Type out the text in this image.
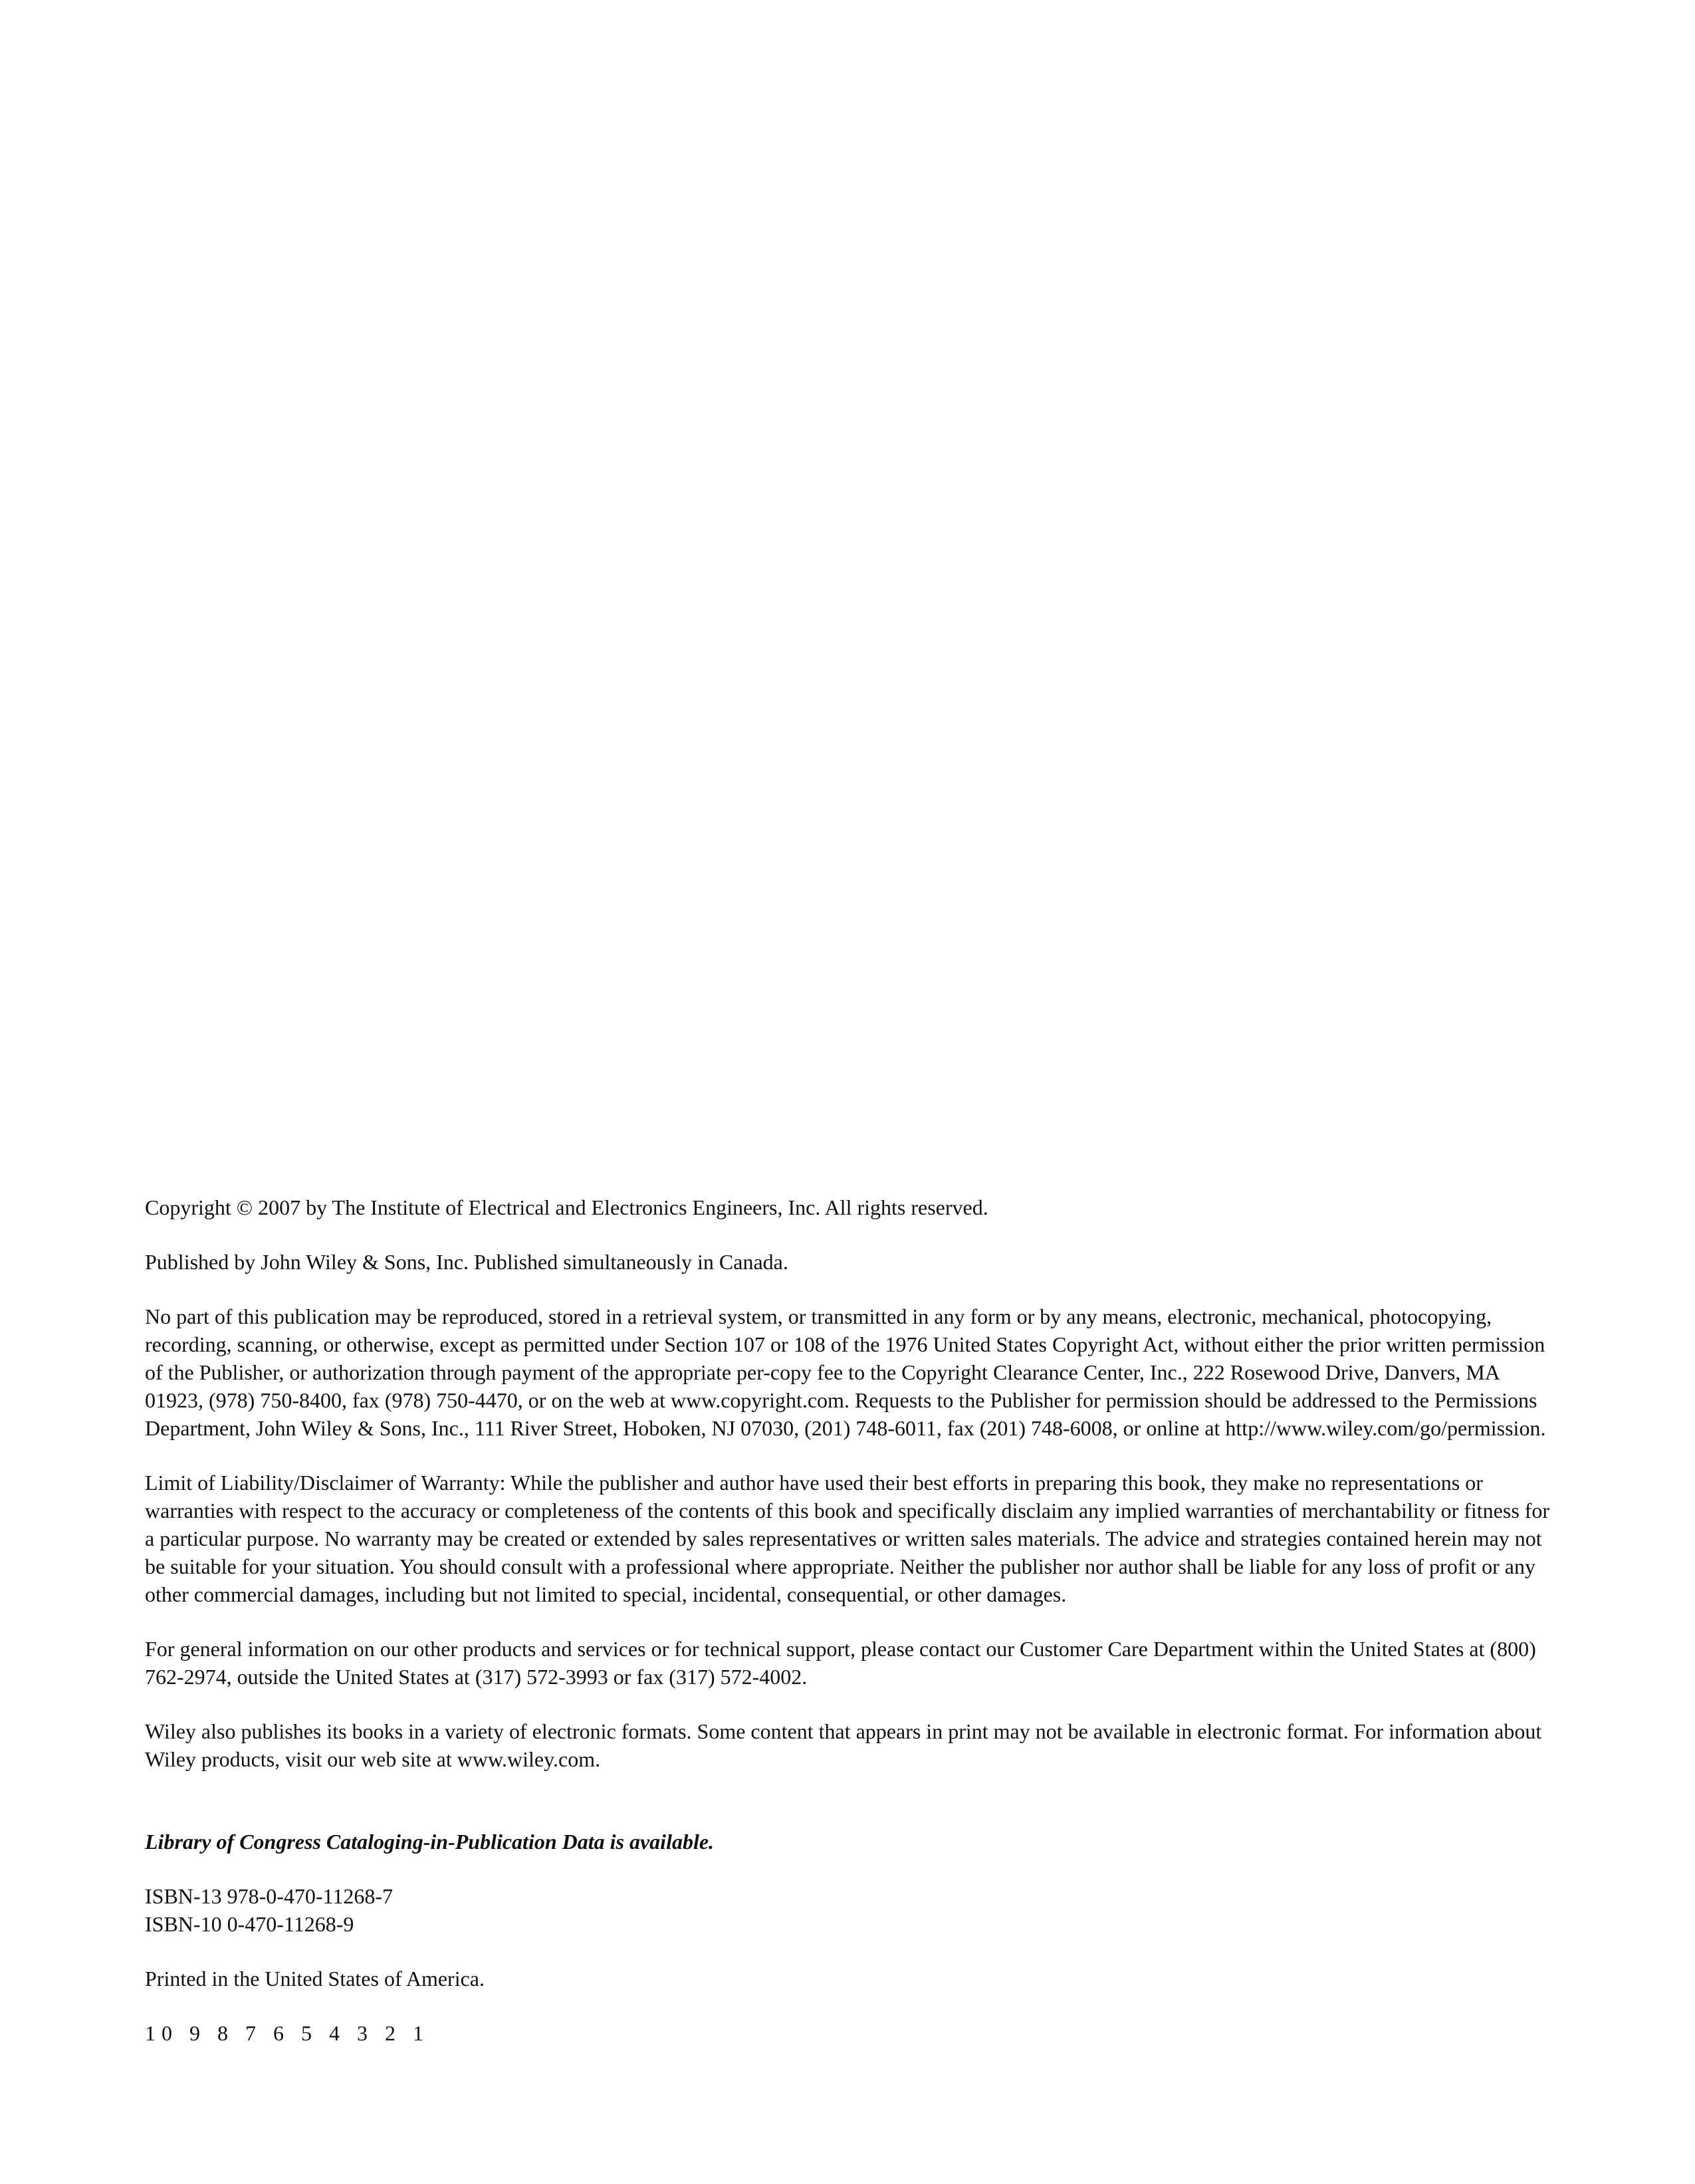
Copyright © 2007 by The Institute of Electrical and Electronics Engineers, Inc. All rights reserved.

Published by John Wiley & Sons, Inc. Published simultaneously in Canada.

No part of this publication may be reproduced, stored in a retrieval system, or transmitted in any form or by any means, electronic, mechanical, photocopying, recording, scanning, or otherwise, except as permitted under Section 107 or 108 of the 1976 United States Copyright Act, without either the prior written permission of the Publisher, or authorization through payment of the appropriate per-copy fee to the Copyright Clearance Center, Inc., 222 Rosewood Drive, Danvers, MA 01923, (978) 750-8400, fax (978) 750-4470, or on the web at www.copyright.com. Requests to the Publisher for permission should be addressed to the Permissions Department, John Wiley & Sons, Inc., 111 River Street, Hoboken, NJ 07030, (201) 748-6011, fax (201) 748-6008, or online at http://www.wiley.com/go/permission.

Limit of Liability/Disclaimer of Warranty: While the publisher and author have used their best efforts in preparing this book, they make no representations or warranties with respect to the accuracy or completeness of the contents of this book and specifically disclaim any implied warranties of merchantability or fitness for a particular purpose. No warranty may be created or extended by sales representatives or written sales materials. The advice and strategies contained herein may not be suitable for your situation. You should consult with a professional where appropriate. Neither the publisher nor author shall be liable for any loss of profit or any other commercial damages, including but not limited to special, incidental, consequential, or other damages.

For general information on our other products and services or for technical support, please contact our Customer Care Department within the United States at (800) 762-2974, outside the United States at (317) 572-3993 or fax (317) 572-4002.

Wiley also publishes its books in a variety of electronic formats. Some content that appears in print may not be available in electronic format. For information about Wiley products, visit our web site at www.wiley.com.

Library of Congress Cataloging-in-Publication Data is available.

ISBN-13 978-0-470-11268-7

ISBN-10 0-470-11268-9

Printed in the United States of America.

10 9 8 7 6 5 4 3 2 1
